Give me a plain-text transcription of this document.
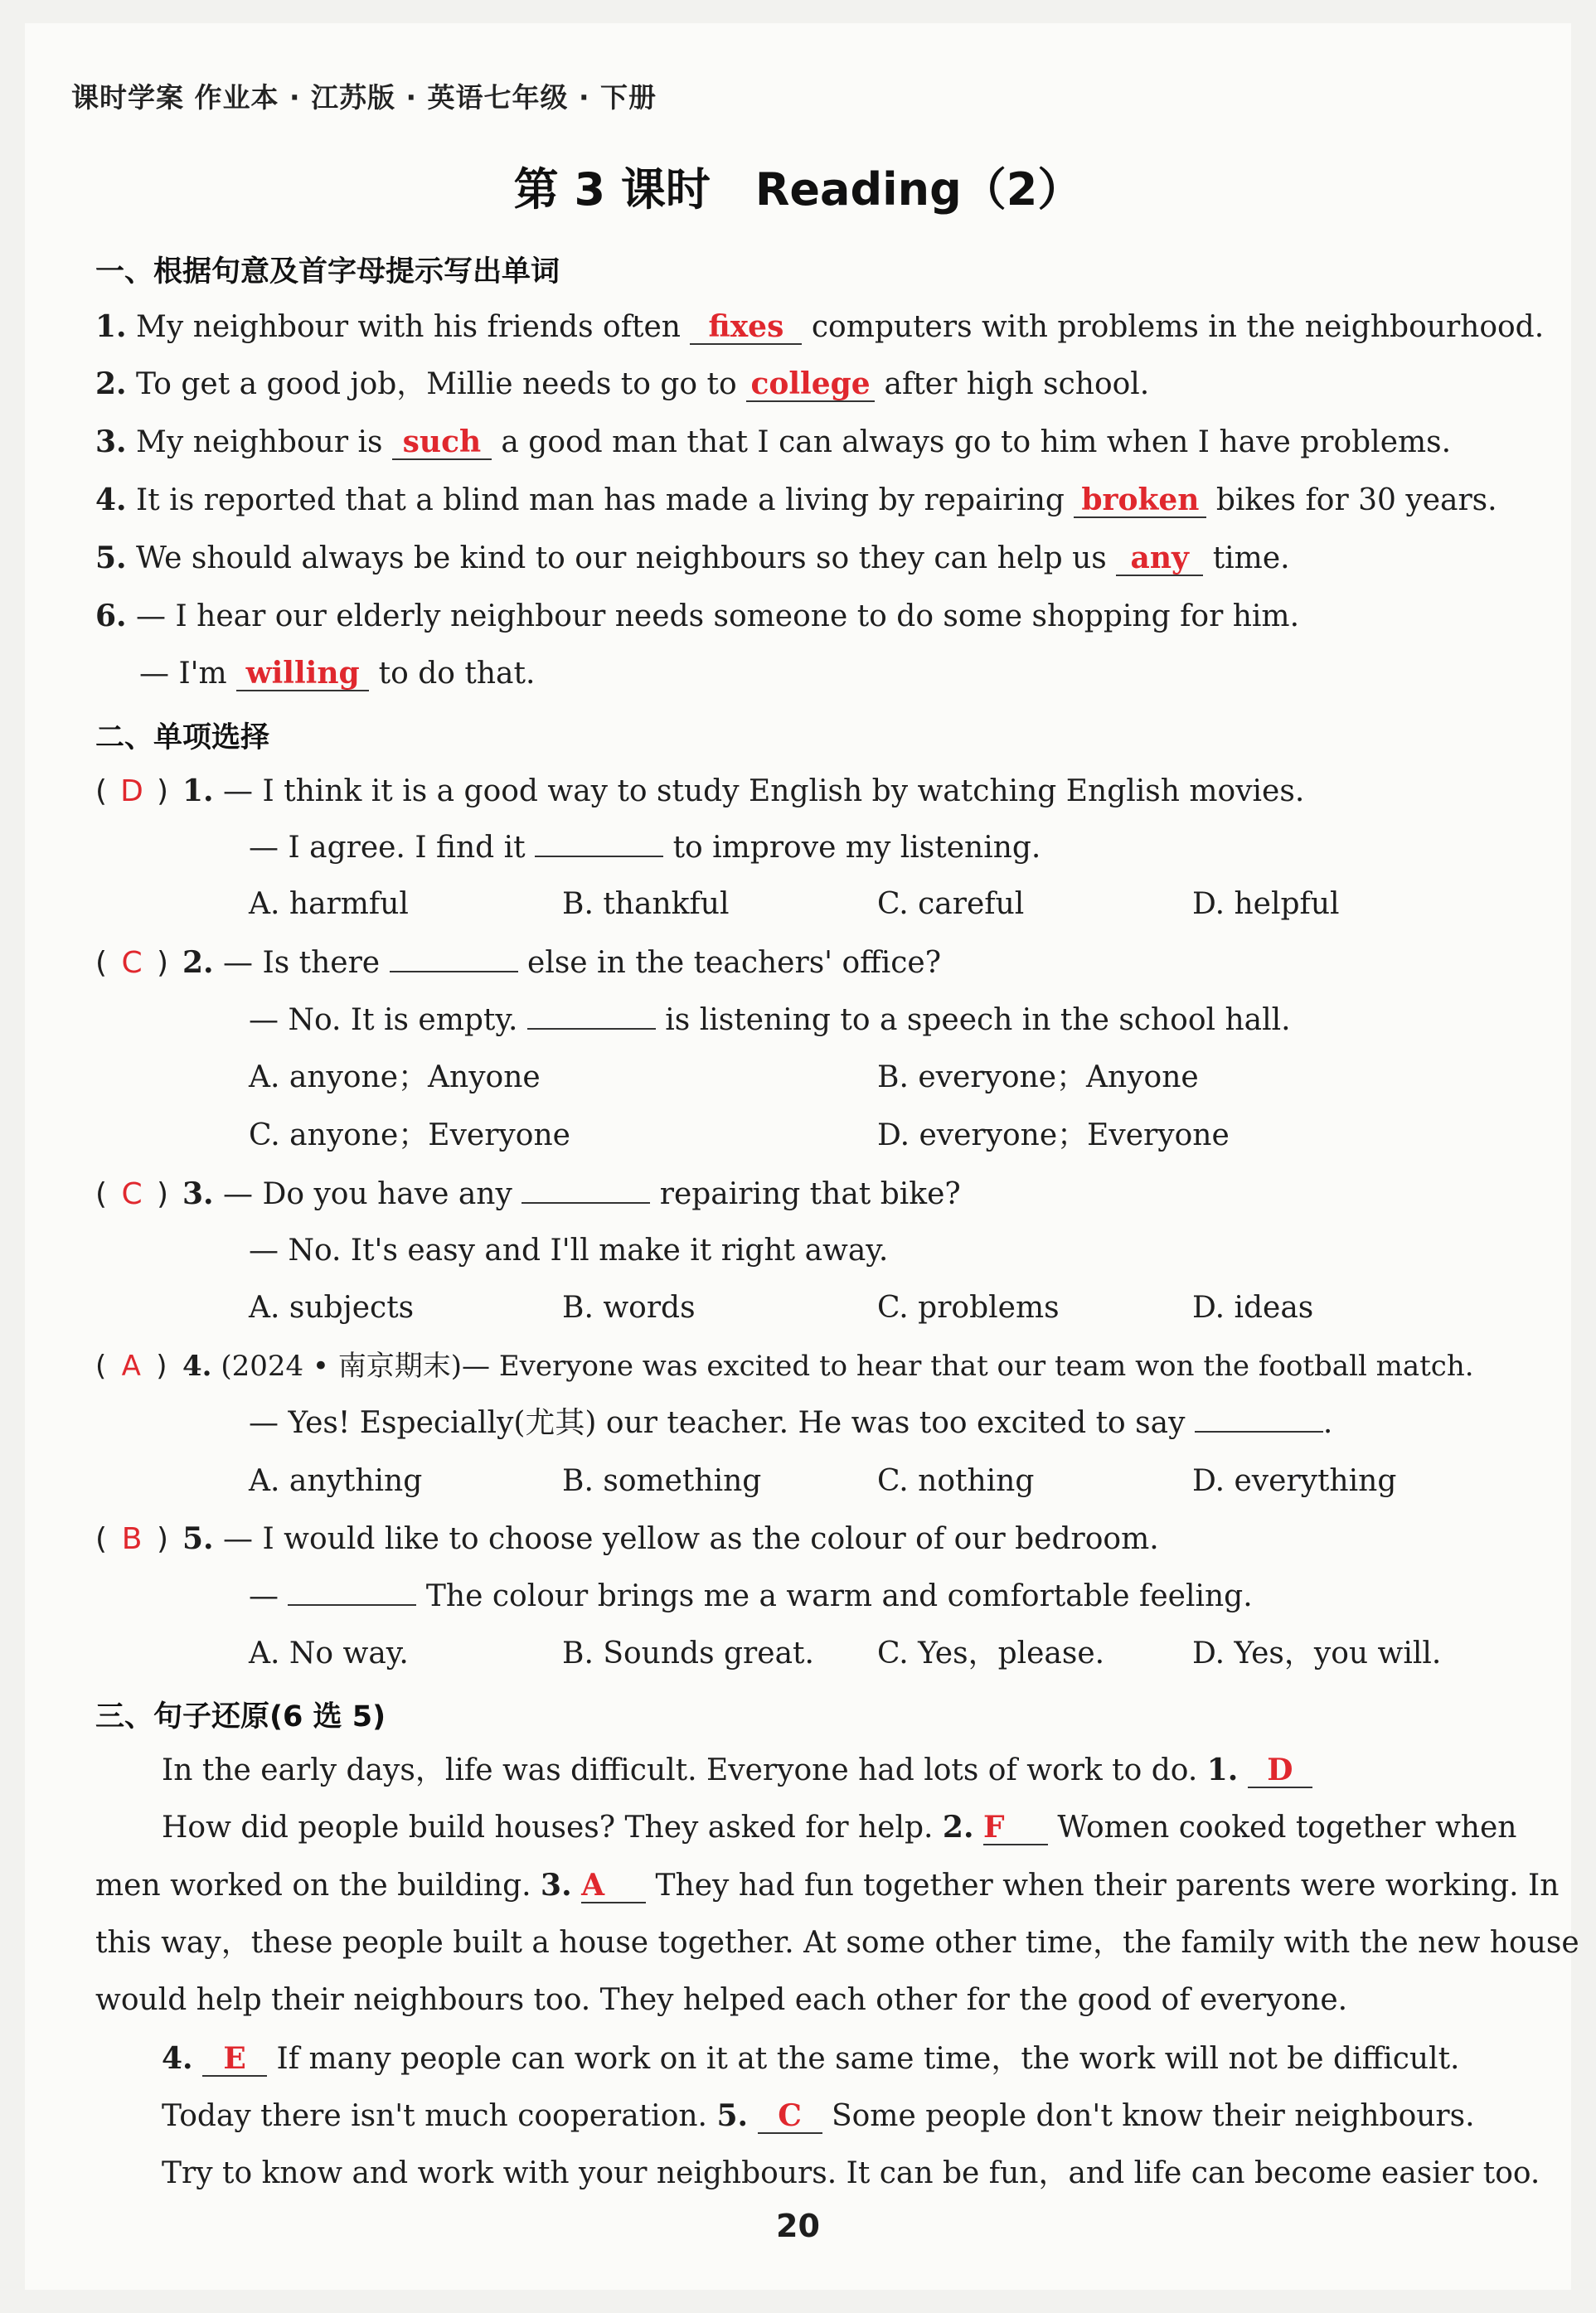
课时学案 作业本 · 江苏版 · 英语七年级 · 下册
第 3 课时　Reading（2）
一、根据句意及首字母提示写出单词
1. My neighbour with his friends often fixes computers with problems in the neighbourhood.
2. To get a good job，Millie needs to go to college after high school.
3. My neighbour is such a good man that I can always go to him when I have problems.
4. It is reported that a blind man has made a living by repairing broken bikes for 30 years.
5. We should always be kind to our neighbours so they can help us any time.
6. — I hear our elderly neighbour needs someone to do some shopping for him.
— I'm willing to do that.
二、单项选择
( D ) 1. — I think it is a good way to study English by watching English movies.
— I agree. I find it	to improve my listening.
A. harmful	B. thankful	C. careful	D. helpful
( C ) 2. — Is there	else in the teachers' office?
— No. It is empty.	is listening to a speech in the school hall.
A. anyone；Anyone	B. everyone；Anyone
C. anyone；Everyone	D. everyone；Everyone
( C ) 3. — Do you have any	repairing that bike?
— No. It's easy and I'll make it right away.
A. subjects	B. words	C. problems	D. ideas
( A ) 4. (2024 • 南京期末)— Everyone was excited to hear that our team won the football match.
— Yes! Especially(尤其) our teacher. He was too excited to say	.
A. anything	B. something	C. nothing	D. everything
( B ) 5. — I would like to choose yellow as the colour of our bedroom.
—	The colour brings me a warm and comfortable feeling.
A. No way.	B. Sounds great. C. Yes，please.	D. Yes，you will.
三、句子还原(6 选 5)
In the early days，life was difficult. Everyone had lots of work to do. 1. D
How did people build houses? They asked for help. 2. F Women cooked together when
men worked on the building. 3. A They had fun together when their parents were working. In
this way，these people built a house together. At some other time，the family with the new house
would help their neighbours too. They helped each other for the good of everyone.
4. E If many people can work on it at the same time，the work will not be difficult.
Today there isn't much cooperation. 5. C Some people don't know their neighbours.
Try to know and work with your neighbours. It can be fun，and life can become easier too.
20
